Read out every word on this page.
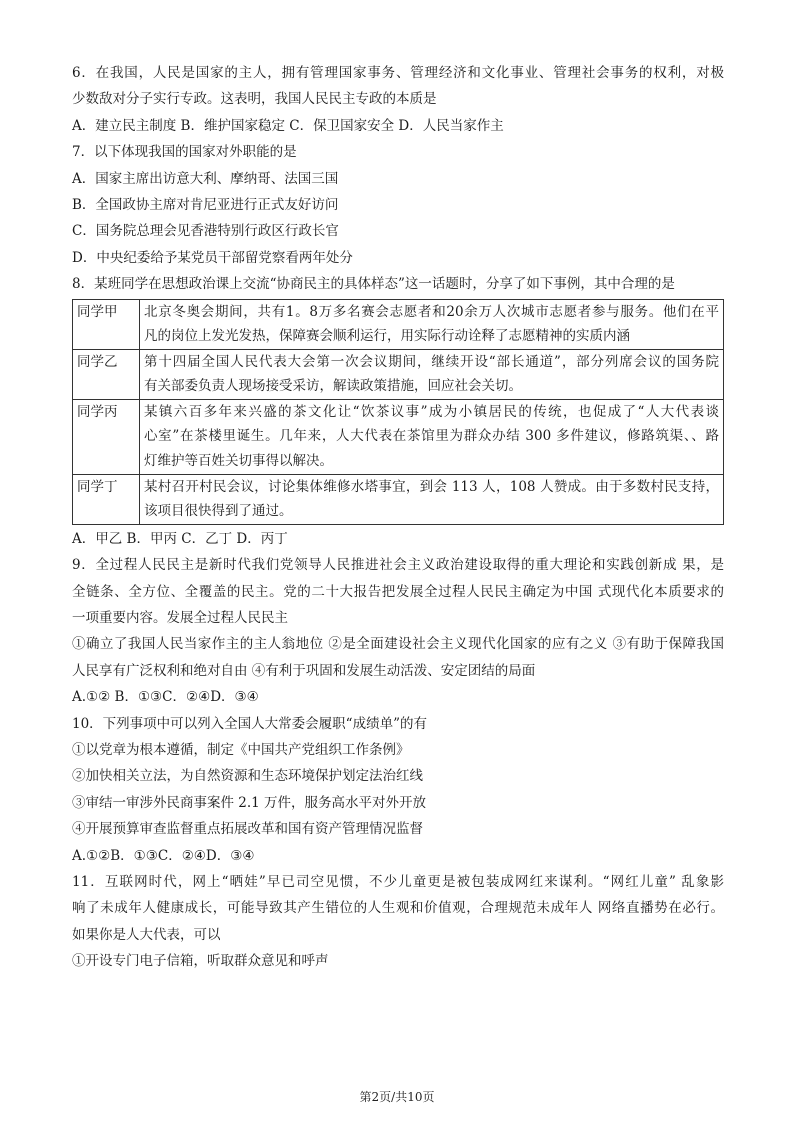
6．在我国，人民是国家的主人，拥有管理国家事务、管理经济和文化事业、管理社会事务的权利，对极
少数敌对分子实行专政。这表明，我国人民民主专政的本质是
A．建立民主制度 B．维护国家稳定 C．保卫国家安全 D．人民当家作主
7．以下体现我国的国家对外职能的是
A．国家主席出访意大利、摩纳哥、法国三国
B．全国政协主席对肯尼亚进行正式友好访问
C．国务院总理会见香港特别行政区行政长官
D．中央纪委给予某党员干部留党察看两年处分
8．某班同学在思想政治课上交流“协商民主的具体样态”这一话题时，分享了如下事例，其中合理的是
同学甲	北京冬奥会期间，共有1。8万多名赛会志愿者和20余万人次城市志愿者参与服务。他们在平
凡的岗位上发光发热，保障赛会顺利运行，用实际行动诠释了志愿精神的实质内涵

同学乙	第十四届全国人民代表大会第一次会议期间，继续开设“部长通道”，部分列席会议的国务院
有关部委负责人现场接受采访，解读政策措施，回应社会关切。

同学丙	某镇六百多年来兴盛的茶文化让“饮茶议事”成为小镇居民的传统，也促成了“人大代表谈
心室”在茶楼里诞生。几年来，人大代表在茶馆里为群众办结 300 多件建议，修路筑渠、、路
灯维护等百姓关切事得以解决。

同学丁	某村召开村民会议，讨论集体维修水塔事宜，到会 113 人，108 人赞成。由于多数村民支持，
该项目很快得到了通过。
A．甲乙 B．甲丙 C．乙丁 D．丙丁
9．全过程人民民主是新时代我们党领导人民推进社会主义政治建设取得的重大理论和实践创新成 果，是
全链条、全方位、全覆盖的民主。党的二十大报告把发展全过程人民民主确定为中国 式现代化本质要求的
一项重要内容。发展全过程人民民主
①确立了我国人民当家作主的主人翁地位 ②是全面建设社会主义现代化国家的应有之义 ③有助于保障我国
人民享有广泛权利和绝对自由 ④有利于巩固和发展生动活泼、安定团结的局面
A.①② B．①③C．②④D．③④
10．下列事项中可以列入全国人大常委会履职“成绩单”的有
①以党章为根本遵循，制定《中国共产党组织工作条例》
②加快相关立法，为自然资源和生态环境保护划定法治红线
③审结一审涉外民商事案件 2.1 万件，服务高水平对外开放
④开展预算审查监督重点拓展改革和国有资产管理情况监督
A.①②B．①③C．②④D．③④
11．互联网时代，网上“晒娃”早已司空见惯，不少儿童更是被包装成网红来谋利。“网红儿童” 乱象影
响了未成年人健康成长，可能导致其产生错位的人生观和价值观，合理规范未成年人 网络直播势在必行。
如果你是人大代表，可以
①开设专门电子信箱，听取群众意见和呼声
第2页/共10页
